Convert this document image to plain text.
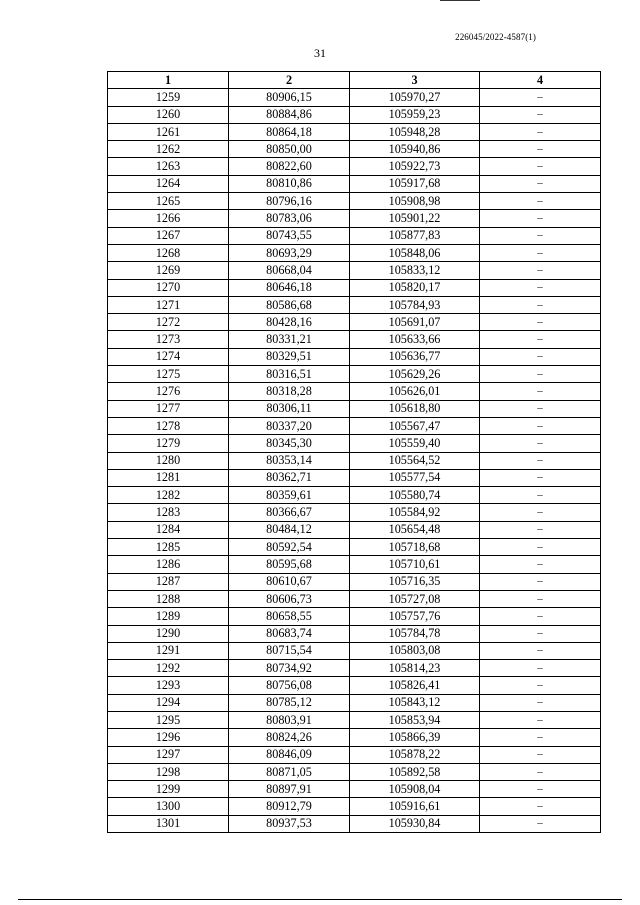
226045/2022-4587(1)
31
1	2	3	4
1259	80906,15	105970,27	–
1260	80884,86	105959,23	–
1261	80864,18	105948,28	–
1262	80850,00	105940,86	–
1263	80822,60	105922,73	–
1264	80810,86	105917,68	–
1265	80796,16	105908,98	–
1266	80783,06	105901,22	–
1267	80743,55	105877,83	–
1268	80693,29	105848,06	–
1269	80668,04	105833,12	–
1270	80646,18	105820,17	–
1271	80586,68	105784,93	–
1272	80428,16	105691,07	–
1273	80331,21	105633,66	–
1274	80329,51	105636,77	–
1275	80316,51	105629,26	–
1276	80318,28	105626,01	–
1277	80306,11	105618,80	–
1278	80337,20	105567,47	–
1279	80345,30	105559,40	–
1280	80353,14	105564,52	–
1281	80362,71	105577,54	–
1282	80359,61	105580,74	–
1283	80366,67	105584,92	–
1284	80484,12	105654,48	–
1285	80592,54	105718,68	–
1286	80595,68	105710,61	–
1287	80610,67	105716,35	–
1288	80606,73	105727,08	–
1289	80658,55	105757,76	–
1290	80683,74	105784,78	–
1291	80715,54	105803,08	–
1292	80734,92	105814,23	–
1293	80756,08	105826,41	–
1294	80785,12	105843,12	–
1295	80803,91	105853,94	–
1296	80824,26	105866,39	–
1297	80846,09	105878,22	–
1298	80871,05	105892,58	–
1299	80897,91	105908,04	–
1300	80912,79	105916,61	–
1301	80937,53	105930,84	–
